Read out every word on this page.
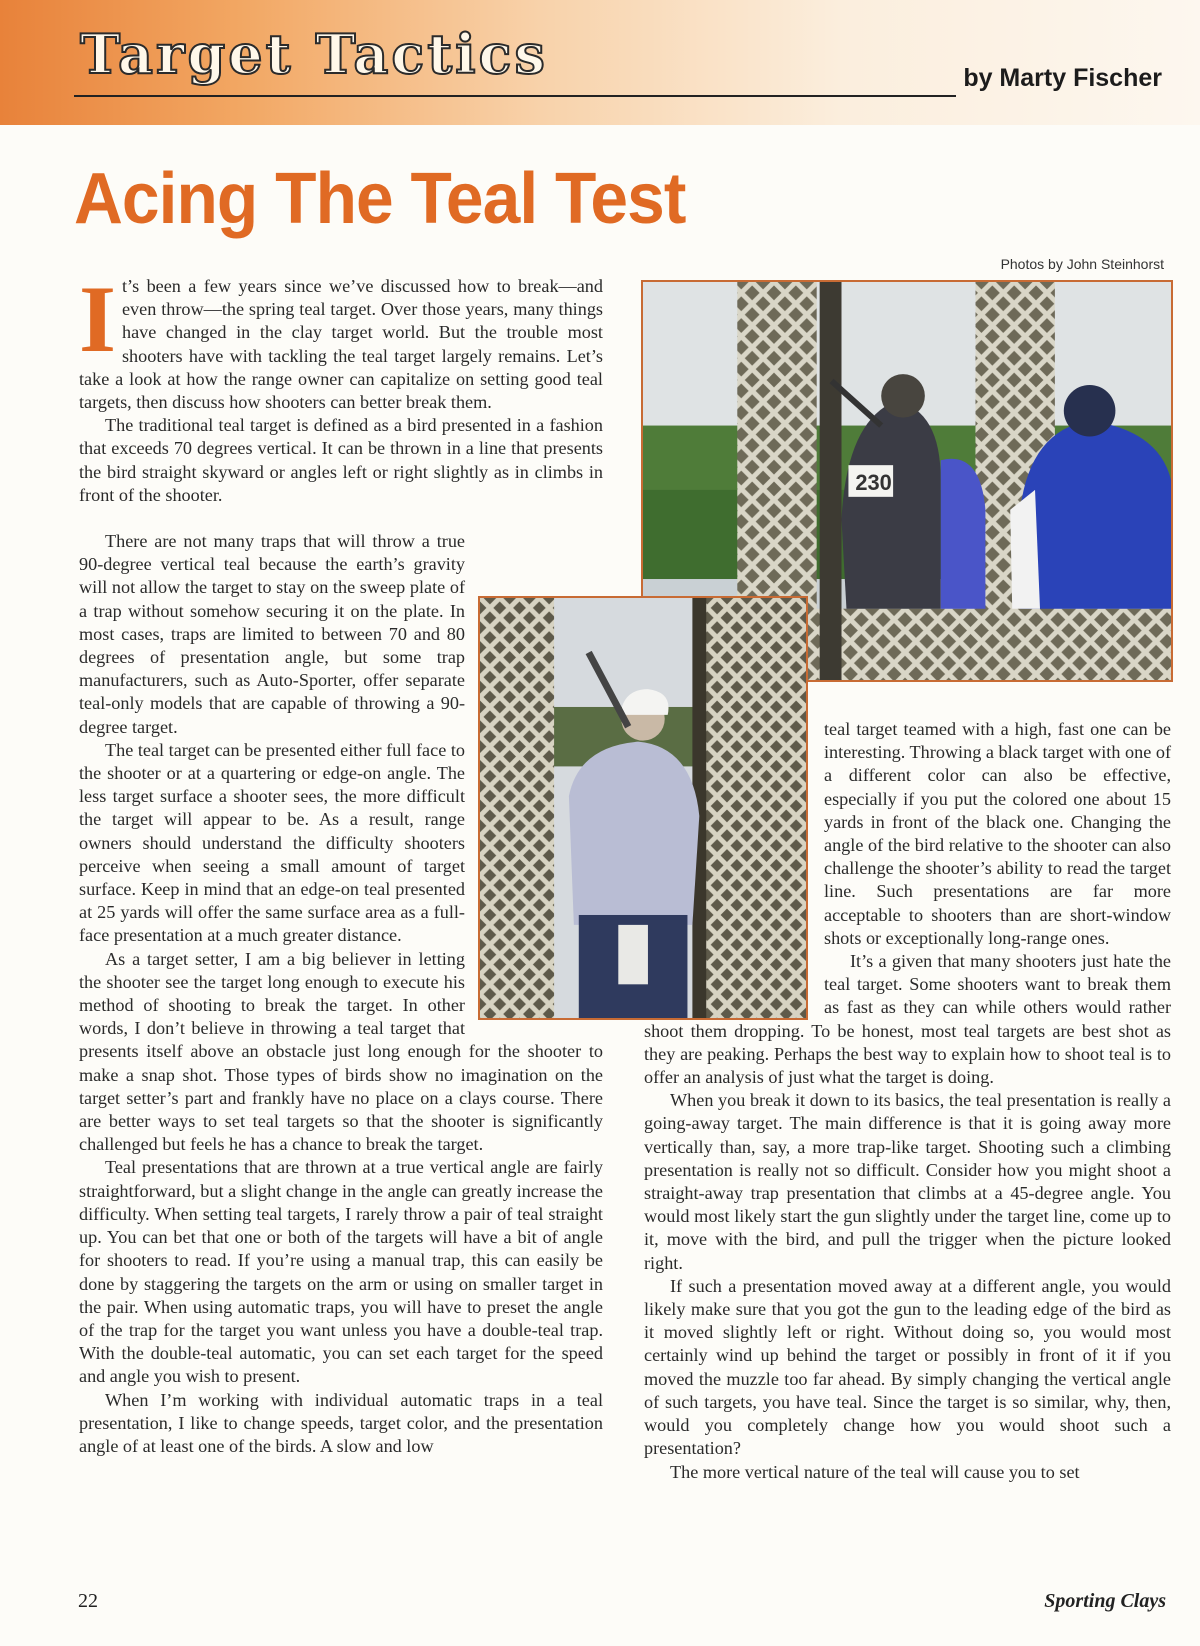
Target Tactics	by Marty Fischer
Acing The Teal Test
Photos by John Steinhorst
230

It’s been a few years since we’ve discussed how to break—and even throw—the spring teal target. Over those years, many things have changed in the clay target world. But the trouble most shooters have with tackling the teal target largely remains. Let’s take a look at how the range owner can capitalize on setting good teal targets, then discuss how shooters can better break them.

The traditional teal target is defined as a bird presented in a fashion that exceeds 70 degrees vertical. It can be thrown in a line that presents the bird straight skyward or angles left or right slightly as in climbs in front of the shooter.

There are not many traps that will throw a true 90-degree vertical teal because the earth’s gravity will not allow the target to stay on the sweep plate of a trap without somehow securing it on the plate. In most cases, traps are limited to between 70 and 80 degrees of presentation angle, but some trap manufacturers, such as Auto-Sporter, offer separate teal-only models that are capable of throwing a 90-degree target.

The teal target can be presented either full face to the shooter or at a quartering or edge-on angle. The less target surface a shooter sees, the more difficult the target will appear to be. As a result, range owners should understand the difficulty shooters perceive when seeing a small amount of target surface. Keep in mind that an edge-on teal presented at 25 yards will offer the same surface area as a full-face presentation at a much greater distance.

As a target setter, I am a big believer in letting the shooter see the target long enough to execute his method of shooting to break the target. In other words, I don’t believe in throwing a teal target that presents itself above an obstacle just long enough for the shooter to make a snap shot. Those types of birds show no imagination on the target setter’s part and frankly have no place on a clays course. There are better ways to set teal targets so that the shooter is significantly challenged but feels he has a chance to break the target.

Teal presentations that are thrown at a true vertical angle are fairly straightforward, but a slight change in the angle can greatly increase the difficulty. When setting teal targets, I rarely throw a pair of teal straight up. You can bet that one or both of the targets will have a bit of angle for shooters to read. If you’re using a manual trap, this can easily be done by staggering the targets on the arm or using on smaller target in the pair. When using automatic traps, you will have to preset the angle of the trap for the target you want unless you have a double-teal trap. With the double-teal automatic, you can set each target for the speed and angle you wish to present.

When I’m working with individual automatic traps in a teal presentation, I like to change speeds, target color, and the presentation angle of at least one of the birds. A slow and low

teal target teamed with a high, fast one can be interesting. Throwing a black target with one of a different color can also be effective, especially if you put the colored one about 15 yards in front of the black one. Changing the angle of the bird relative to the shooter can also challenge the shooter’s ability to read the target line. Such presentations are far more acceptable to shooters than are short-window shots or exceptionally long-range ones.

It’s a given that many shooters just hate the teal target. Some shooters want to break them as fast as they can while others would rather shoot them dropping. To be honest, most teal targets are best shot as they are peaking. Perhaps the best way to explain how to shoot teal is to offer an analysis of just what the target is doing.

When you break it down to its basics, the teal presentation is really a going-away target. The main difference is that it is going away more vertically than, say, a more trap-like target. Shooting such a climbing presentation is really not so difficult. Consider how you might shoot a straight-away trap presentation that climbs at a 45-degree angle. You would most likely start the gun slightly under the target line, come up to it, move with the bird, and pull the trigger when the picture looked right.

If such a presentation moved away at a different angle, you would likely make sure that you got the gun to the leading edge of the bird as it moved slightly left or right. Without doing so, you would most certainly wind up behind the target or possibly in front of it if you moved the muzzle too far ahead. By simply changing the vertical angle of such targets, you have teal. Since the target is so similar, why, then, would you completely change how you would shoot such a presentation?

The more vertical nature of the teal will cause you to set

22	Sporting Clays
